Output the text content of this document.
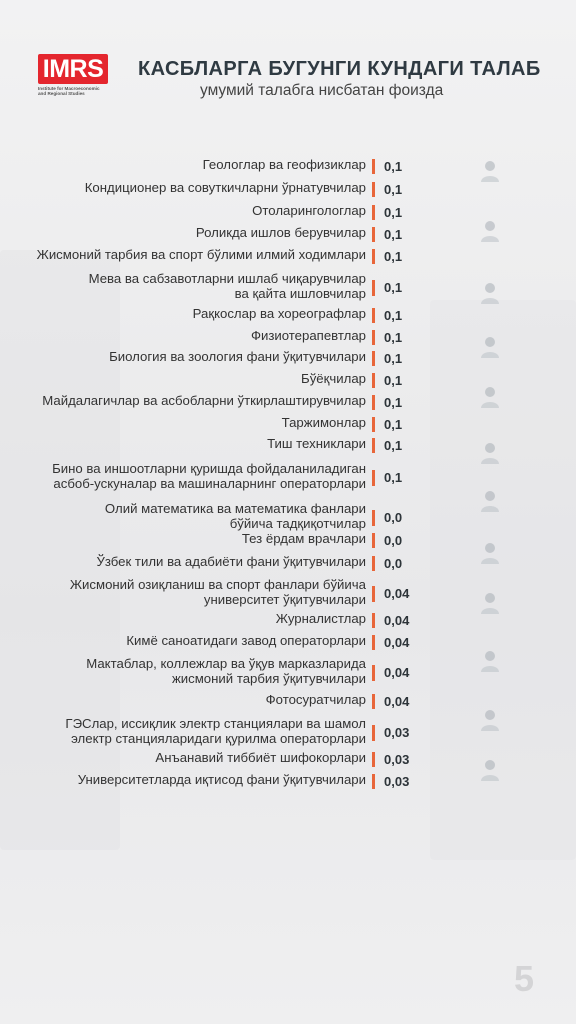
IMRS
Institute for Macroeconomic and Regional Studies
КАСБЛАРГА БУГУНГИ КУНДАГИ ТАЛАБ
умумий талабга нисбатан фоизда
Геологлар ва геофизиклар 0,1
Кондиционер ва совуткичларни ўрнатувчилар 0,1
Отоларингологлар 0,1
Роликда ишлов берувчилар 0,1
Жисмоний тарбия ва спорт бўлими илмий ходимлари 0,1
Мева ва сабзавотларни ишлаб чиқарувчилар
ва қайта ишловчилар 0,1
Рақкослар ва хореографлар 0,1
Физиотерапевтлар 0,1
Биология ва зоология фани ўқитувчилари 0,1
Бўёқчилар 0,1
Майдалагичлар ва асбобларни ўткирлаштирувчилар 0,1
Таржимонлар 0,1
Тиш техниклари 0,1
Бино ва иншоотларни қуришда фойдаланиладиган
асбоб-ускуналар ва машиналарнинг операторлари 0,1
Олий математика ва математика фанлари
бўйича тадқиқотчилар 0,0
Тез ёрдам врачлари 0,0
Ўзбек тили ва адабиёти фани ўқитувчилари 0,0
Жисмоний озиқланиш ва спорт фанлари бўйича
университет ўқитувчилари 0,04
Журналистлар 0,04
Кимё саноатидаги завод операторлари 0,04
Мактаблар, коллежлар ва ўқув марказларида
жисмоний тарбия ўқитувчилари 0,04
Фотосуратчилар 0,04
ГЭСлар, иссиқлик электр станциялари ва шамол
электр станцияларидаги қурилма операторлари 0,03
Анъанавий тиббиёт шифокорлари 0,03
Университетларда иқтисод фани ўқитувчилари 0,03
5
